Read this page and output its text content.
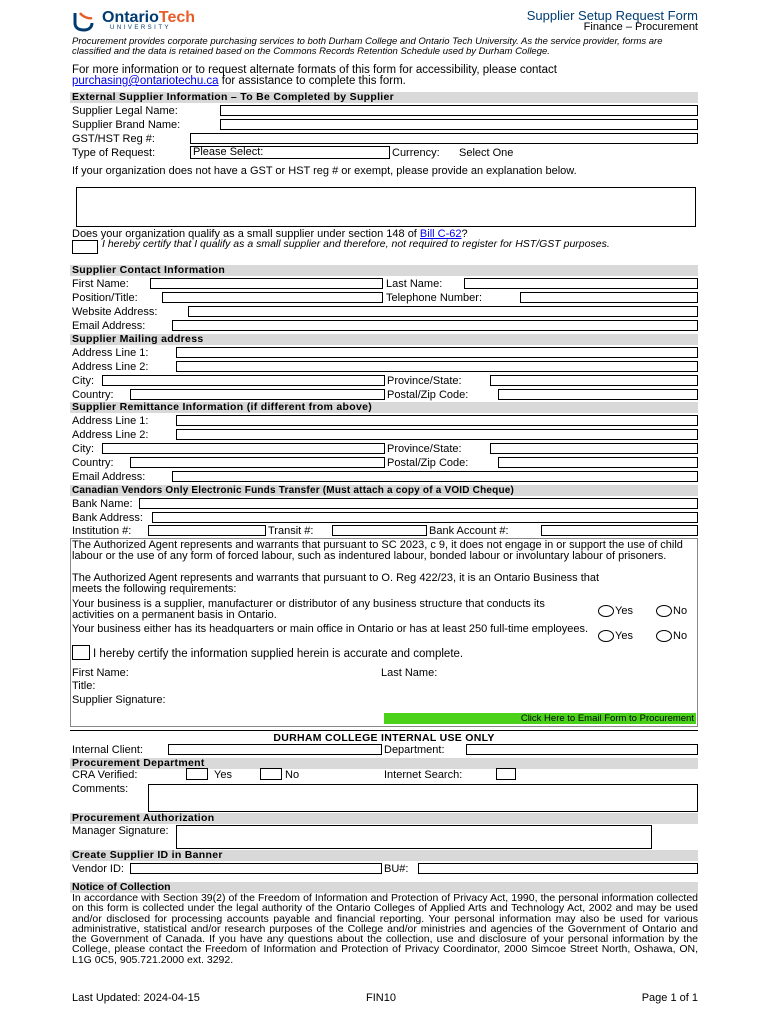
OntarioTech
UNIVERSITY
Supplier Setup Request Form
Finance – Procurement
Procurement provides corporate purchasing services to both Durham College and Ontario Tech University. As the service provider, forms are classified and the data is retained based on the Commons Records Retention Schedule used by Durham College.
For more information or to request alternate formats of this form for accessibility, please contact purchasing@ontariotechu.ca for assistance to complete this form.
External Supplier Information – To Be Completed by Supplier
Supplier Legal Name:
Supplier Brand Name:
GST/HST Reg #:
Type of Request:	Please Select:	Currency: Select One
If your organization does not have a GST or HST reg # or exempt, please provide an explanation below.
Does your organization qualify as a small supplier under section 148 of Bill C-62?
I hereby certify that I qualify as a small supplier and therefore, not required to register for HST/GST purposes.
Supplier Contact Information
First Name:	Last Name:
Position/Title:	Telephone Number:
Website Address:
Email Address:
Supplier Mailing address
Address Line 1:
Address Line 2:
City:	Province/State:
Country:	Postal/Zip Code:
Supplier Remittance Information (if different from above)
Address Line 1:
Address Line 2:
City:	Province/State:
Country:	Postal/Zip Code:
Email Address:
Canadian Vendors Only Electronic Funds Transfer (Must attach a copy of a VOID Cheque)
Bank Name:
Bank Address:
Institution #:	Transit #:	Bank Account #:
The Authorized Agent represents and warrants that pursuant to SC 2023, c 9, it does not engage in or support the use of child labour or the use of any form of forced labour, such as indentured labour, bonded labour or involuntary labour of prisoners.
The Authorized Agent represents and warrants that pursuant to O. Reg 422/23, it is an Ontario Business that meets the following requirements:
Your business is a supplier, manufacturer or distributor of any business structure that conducts its activities on a permanent basis in Ontario.	Yes	No
Your business either has its headquarters or main office in Ontario or has at least 250 full-time employees.
Yes	No
I hereby certify the information supplied herein is accurate and complete.
First Name:	Last Name:
Title:
Supplier Signature:
Click Here to Email Form to Procurement
DURHAM COLLEGE INTERNAL USE ONLY
Internal Client:	Department:
Procurement Department
CRA Verified:	Yes	No	Internet Search:
Comments:
Procurement Authorization
Manager Signature:
Create Supplier ID in Banner
Vendor ID:	BU#:
Notice of Collection
In accordance with Section 39(2) of the Freedom of Information and Protection of Privacy Act, 1990, the personal information collected on this form is collected under the legal authority of the Ontario Colleges of Applied Arts and Technology Act, 2002 and may be used and/or disclosed for processing accounts payable and financial reporting. Your personal information may also be used for various administrative, statistical and/or research purposes of the College and/or ministries and agencies of the Government of Ontario and the Government of Canada. If you have any questions about the collection, use and disclosure of your personal information by the College, please contact the Freedom of Information and Protection of Privacy Coordinator, 2000 Simcoe Street North, Oshawa, ON, L1G 0C5, 905.721.2000 ext. 3292.
Last Updated: 2024-04-15	FIN10	Page 1 of 1
